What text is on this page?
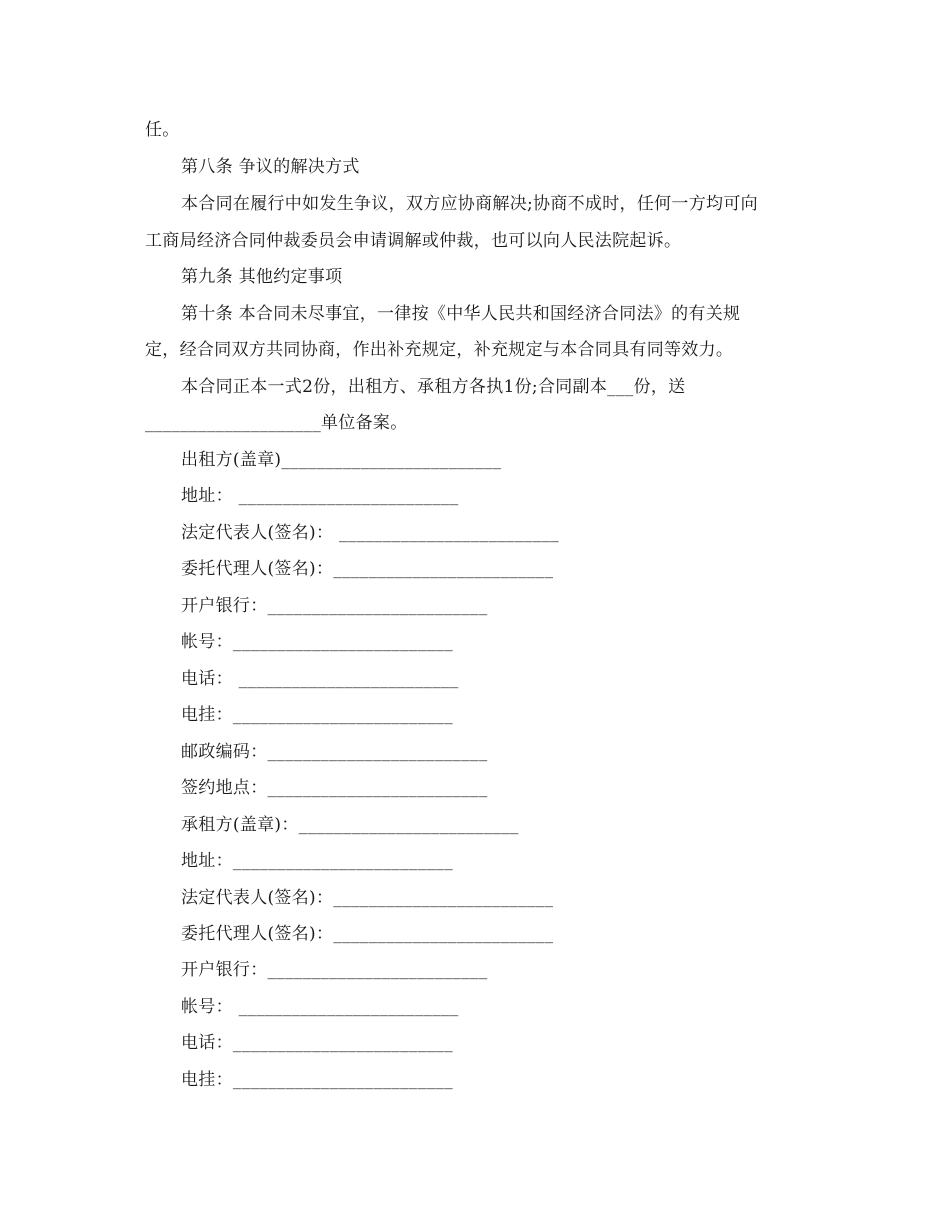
任。
第八条 争议的解决方式
本合同在履行中如发生争议，双方应协商解决;协商不成时，任何一方均可向
工商局经济合同仲裁委员会申请调解或仲裁，也可以向人民法院起诉。
第九条 其他约定事项
第十条 本合同未尽事宜，一律按《中华人民共和国经济合同法》的有关规
定，经合同双方共同协商，作出补充规定，补充规定与本合同具有同等效力。
本合同正本一式2份，出租方、承租方各执1份;合同副本___份，送
____________________单位备案。
出租方(盖章)_________________________
地址： _________________________
法定代表人(签名)： _________________________
委托代理人(签名)：_________________________
开户银行：_________________________
帐号：_________________________
电话： _________________________
电挂：_________________________
邮政编码：_________________________
签约地点：_________________________
承租方(盖章)：_________________________
地址：_________________________
法定代表人(签名)：_________________________
委托代理人(签名)：_________________________
开户银行：_________________________
帐号： _________________________
电话：_________________________
电挂：_________________________
